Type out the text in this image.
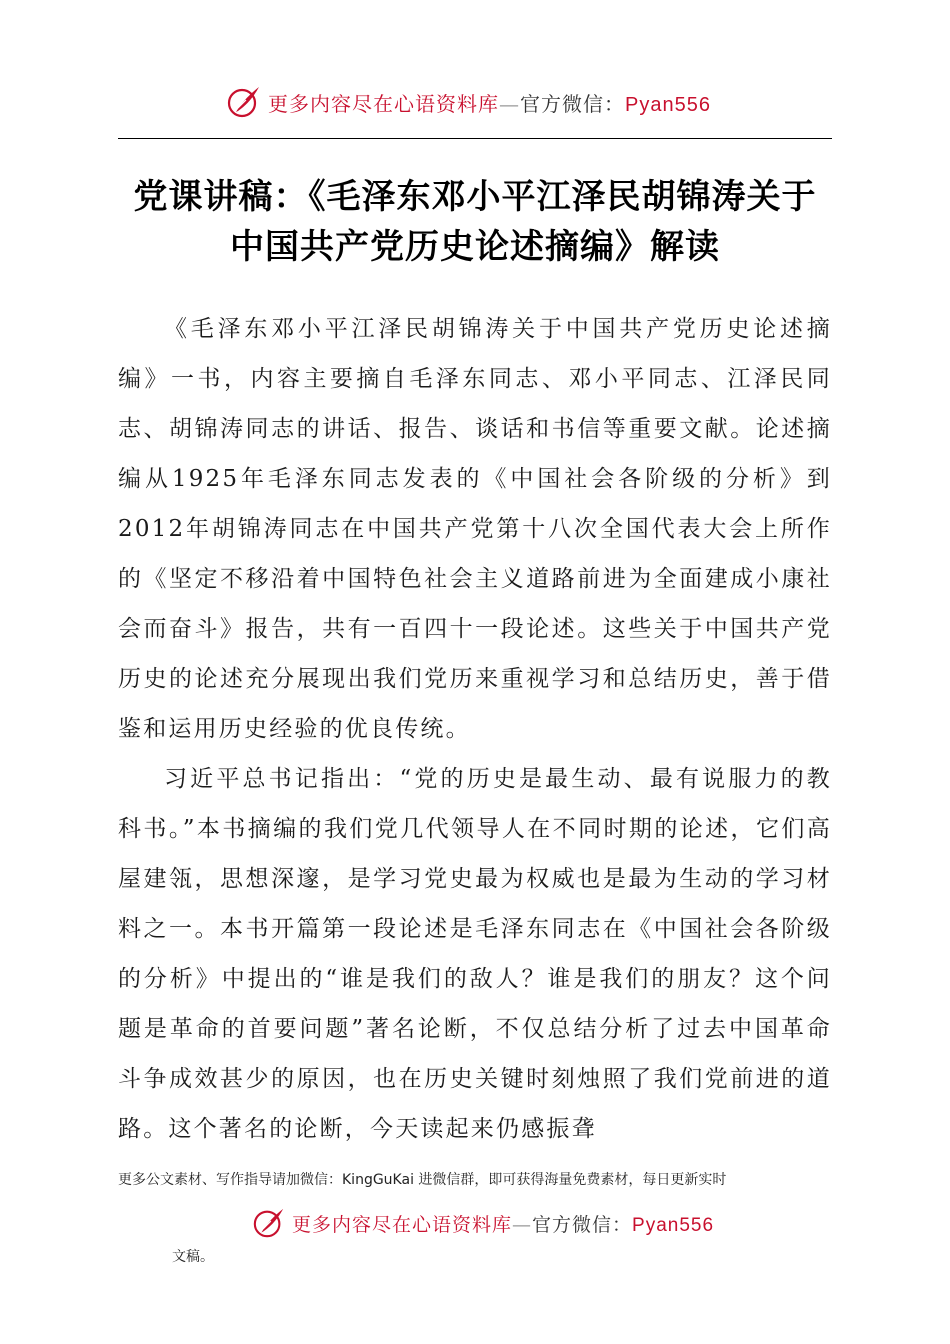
更多内容尽在心语资料库—官方微信：Pyan556
党课讲稿：《毛泽东邓小平江泽民胡锦涛关于
中国共产党历史论述摘编》解读

《毛泽东邓小平江泽民胡锦涛关于中国共产党历史论述摘编》一书，内容主要摘自毛泽东同志、邓小平同志、江泽民同志、胡锦涛同志的讲话、报告、谈话和书信等重要文献。论述摘编从1925年毛泽东同志发表的《中国社会各阶级的分析》到2012年胡锦涛同志在中国共产党第十八次全国代表大会上所作的《坚定不移沿着中国特色社会主义道路前进为全面建成小康社会而奋斗》报告，共有一百四十一段论述。这些关于中国共产党历史的论述充分展现出我们党历来重视学习和总结历史，善于借鉴和运用历史经验的优良传统。

习近平总书记指出：“党的历史是最生动、最有说服力的教科书。”本书摘编的我们党几代领导人在不同时期的论述，它们高屋建瓴，思想深邃，是学习党史最为权威也是最为生动的学习材料之一。本书开篇第一段论述是毛泽东同志在《中国社会各阶级的分析》中提出的“谁是我们的敌人？谁是我们的朋友？这个问题是革命的首要问题”著名论断，不仅总结分析了过去中国革命斗争成效甚少的原因，也在历史关键时刻烛照了我们党前进的道路。这个著名的论断，今天读起来仍感振聋

更多公文素材、写作指导请加微信：KingGuKai 进微信群，即可获得海量免费素材，每日更新实时
更多内容尽在心语资料库—官方微信：Pyan556
文稿。
